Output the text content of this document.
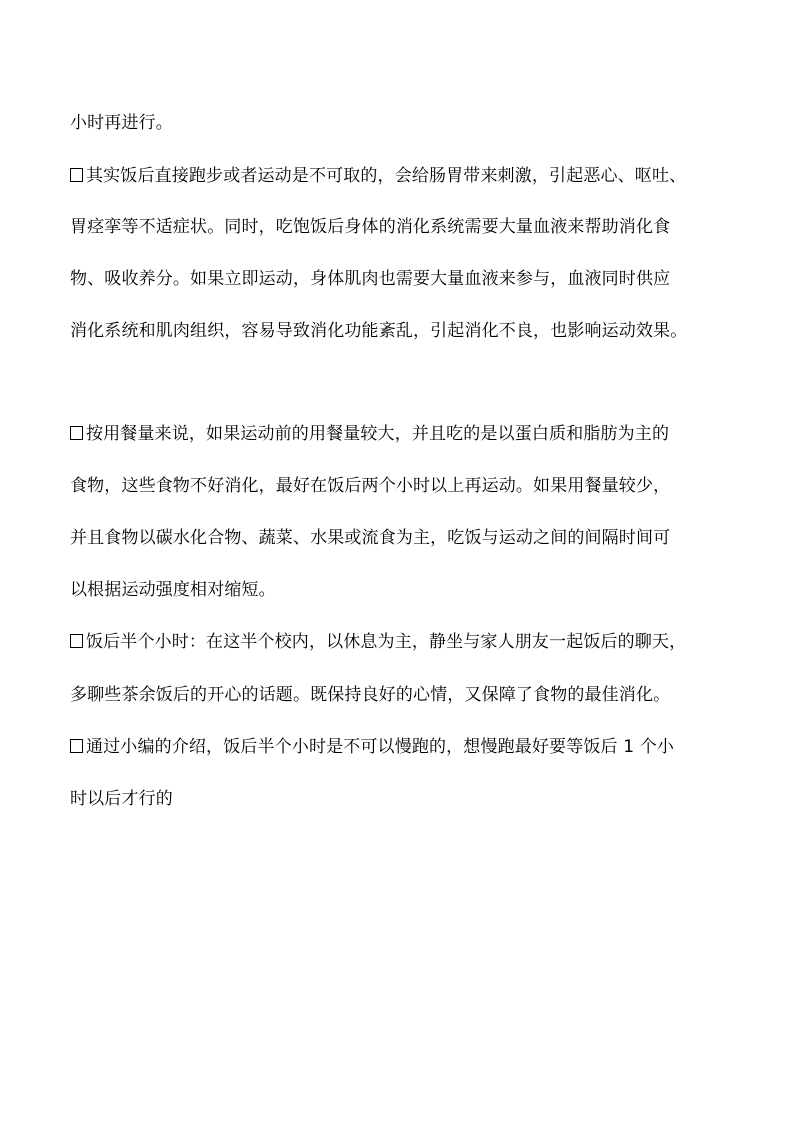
小时再进行。
其实饭后直接跑步或者运动是不可取的，会给肠胃带来刺激，引起恶心、呕吐、
胃痉挛等不适症状。同时，吃饱饭后身体的消化系统需要大量血液来帮助消化食
物、吸收养分。如果立即运动，身体肌肉也需要大量血液来参与，血液同时供应
消化系统和肌肉组织，容易导致消化功能紊乱，引起消化不良，也影响运动效果。
按用餐量来说，如果运动前的用餐量较大，并且吃的是以蛋白质和脂肪为主的
食物，这些食物不好消化，最好在饭后两个小时以上再运动。如果用餐量较少，
并且食物以碳水化合物、蔬菜、水果或流食为主，吃饭与运动之间的间隔时间可
以根据运动强度相对缩短。
饭后半个小时：在这半个校内，以休息为主，静坐与家人朋友一起饭后的聊天，
多聊些茶余饭后的开心的话题。既保持良好的心情，又保障了食物的最佳消化。
通过小编的介绍，饭后半个小时是不可以慢跑的，想慢跑最好要等饭后 1 个小
时以后才行的
